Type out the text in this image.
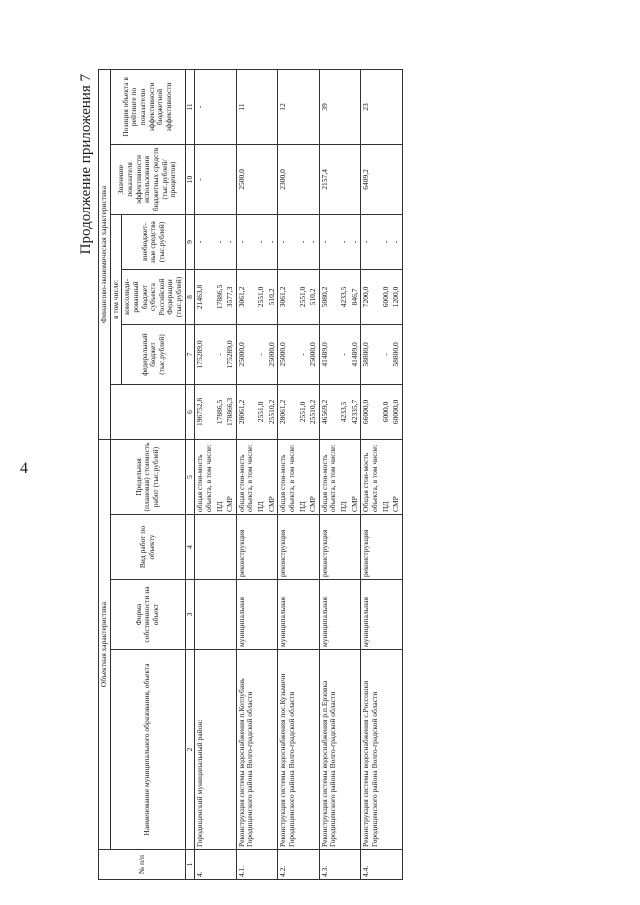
4
Продолжение приложения 7
№ п/п	Объектная характеристика				Финансово-экономическая характеристика					
	Наименование муниципального образования, объекта	Форма собственности на объект	Вид работ по объекту	Предельная (плановая) стоимость работ (тыс.рублей)		в том числе:			Значение показателя эффективности использования бюджетных средств (тыс.рублей/ процентов)	Позиция объекта в рейтинге по показателю эффективности бюджетной эффективности
						федеральный бюджет (тыс.рублей)	консолиди-рованный бюджет субъекта Российской Федерации (тыс.рублей)	внебюджет-ные средства (тыс.рублей)		
1	2	3	4	5	6	7	8	9	10	11
4.	Городищенский муниципальный район:			общая стои-мость объекта, в том числе:	196752,8	175289,0	21463,8	-	-	-
				ПД	17886,5	-	17886,5	-		
				СМР	178866,3	175289,0	3577,3	-		
4.1.	Реконструкция системы водоснабжения п.Котлубань Городищенского района Волго-градской области	муниципальная	реконструкция	общая стои-мость объекта, в том числе:	28061,2	25000,0	3061,2	-	2500,0	11
				ПД	2551,0	-	2551,0	-		
				СМР	25510,2	25000,0	510,2	-		
4.2.	Реконструкция системы водоснабжения пос.Кузьмичи Городищенского района Волго-градской области	муниципальная	реконструкция	общая стои-мость объекта, в том числе:	28061,2	25000,0	3061,2	-	2300,0	12
				ПД	2551,0	-	2551,0	-		
				СМР	25510,2	25000,0	510,2	-		
4.3.	Реконструкция системы водоснабжения р.п.Ерзовка Городищенского района Волго-градской области	муниципальная	реконструкция	общая стои-мость объекта, в том числе:	46569,2	41489,0	5080,2	-	2157,4	39
				ПД	4233,5	-	4233,5	-		
				СМР	42335,7	41489,0	846,7	-		
4.4.	Реконструкция системы водоснабжения с.Россошки Городищенского района Волго-градской области	муниципальная	реконструкция	Общая стои-мость объекта, в том числе:	66000,0	58800,0	7200,0	-	6409,2	23
				ПД	6000,0	-	6000,0	-		
				СМР	60000,0	58800,0	1200,0	-		
